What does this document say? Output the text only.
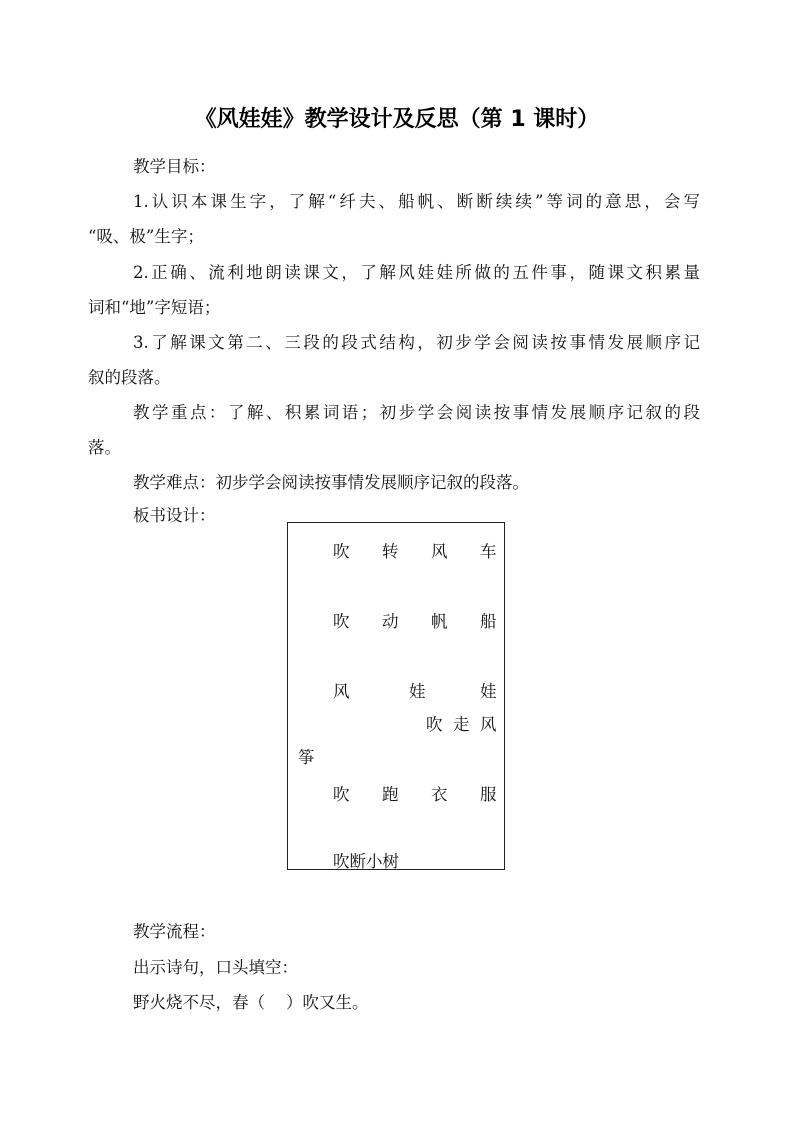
《风娃娃》教学设计及反思（第 1 课时）
教学目标：
1.认识本课生字，了解“纤夫、船帆、断断续续”等词的意思，会写
“吸、极”生字；
2.正确、流利地朗读课文，了解风娃娃所做的五件事，随课文积累量
词和“地”字短语；
3.了解课文第二、三段的段式结构，初步学会阅读按事情发展顺序记
叙的段落。
教学重点：了解、积累词语；初步学会阅读按事情发展顺序记叙的段
落。
教学难点：初步学会阅读按事情发展顺序记叙的段落。
板书设计：
吹 转 风 车
吹 动 帆 船
风	娃	娃
吹 走 风
筝
吹 跑 衣 服
吹断小树
教学流程：
出示诗句，口头填空：
野火烧不尽，春（    ）吹又生。
